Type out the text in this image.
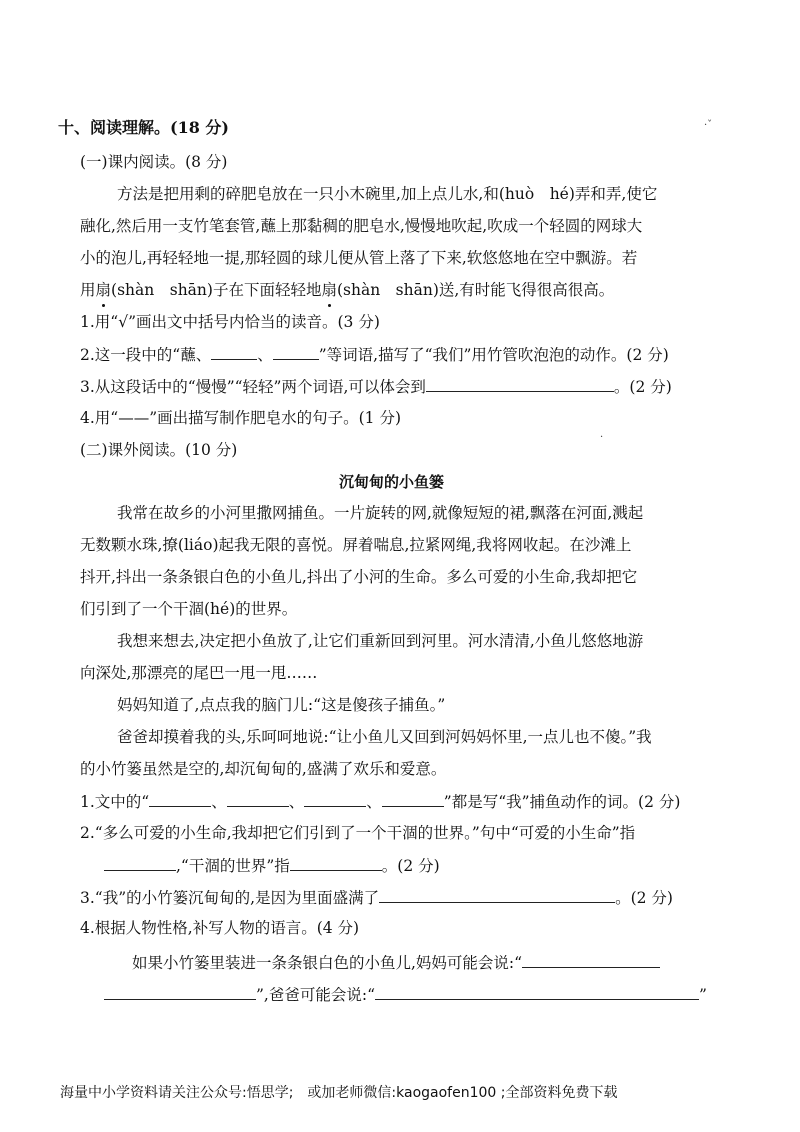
十、阅读理解。(18 分)	·ˇ
(一)课内阅读。(8 分)
方法是把用剩的碎肥皂放在一只小木碗里,加上点儿水,和(huò　hé)弄和弄,使它
融化,然后用一支竹笔套管,蘸上那黏稠的肥皂水,慢慢地吹起,吹成一个轻圆的网球大
小的泡儿,再轻轻地一提,那轻圆的球儿便从管上落了下来,软悠悠地在空中飘游。若
用扇(shàn　shān)子在下面轻轻地扇(shàn　shān)送,有时能飞得很高很高。
1.用“√”画出文中括号内恰当的读音。(3 分)
2.这一段中的“蘸、	、	”等词语,描写了“我们”用竹管吹泡泡的动作。(2 分)
3.从这段话中的“慢慢”“轻轻”两个词语,可以体会到	。(2 分)
4.用“——”画出描写制作肥皂水的句子。(1 分)
·
(二)课外阅读。(10 分)
沉甸甸的小鱼篓
我常在故乡的小河里撒网捕鱼。一片旋转的网,就像短短的裙,飘落在河面,溅起
无数颗水珠,撩(liáo)起我无限的喜悦。屏着喘息,拉紧网绳,我将网收起。在沙滩上
抖开,抖出一条条银白色的小鱼儿,抖出了小河的生命。多么可爱的小生命,我却把它
们引到了一个干涸(hé)的世界。
我想来想去,决定把小鱼放了,让它们重新回到河里。河水清清,小鱼儿悠悠地游
向深处,那漂亮的尾巴一甩一甩……
妈妈知道了,点点我的脑门儿:“这是傻孩子捕鱼。”
爸爸却摸着我的头,乐呵呵地说:“让小鱼儿又回到河妈妈怀里,一点儿也不傻。”我
的小竹篓虽然是空的,却沉甸甸的,盛满了欢乐和爱意。
1.文中的“	、	、	、	”都是写“我”捕鱼动作的词。(2 分)
2.“多么可爱的小生命,我却把它们引到了一个干涸的世界。”句中“可爱的小生命”指
,“干涸的世界”指	。(2 分)
3.“我”的小竹篓沉甸甸的,是因为里面盛满了	。(2 分)
4.根据人物性格,补写人物的语言。(4 分)
如果小竹篓里装进一条条银白色的小鱼儿,妈妈可能会说:“
”,爸爸可能会说:“	”
海量中小学资料请关注公众号:悟思学;　或加老师微信:kaogaofen100 ;全部资料免费下载
